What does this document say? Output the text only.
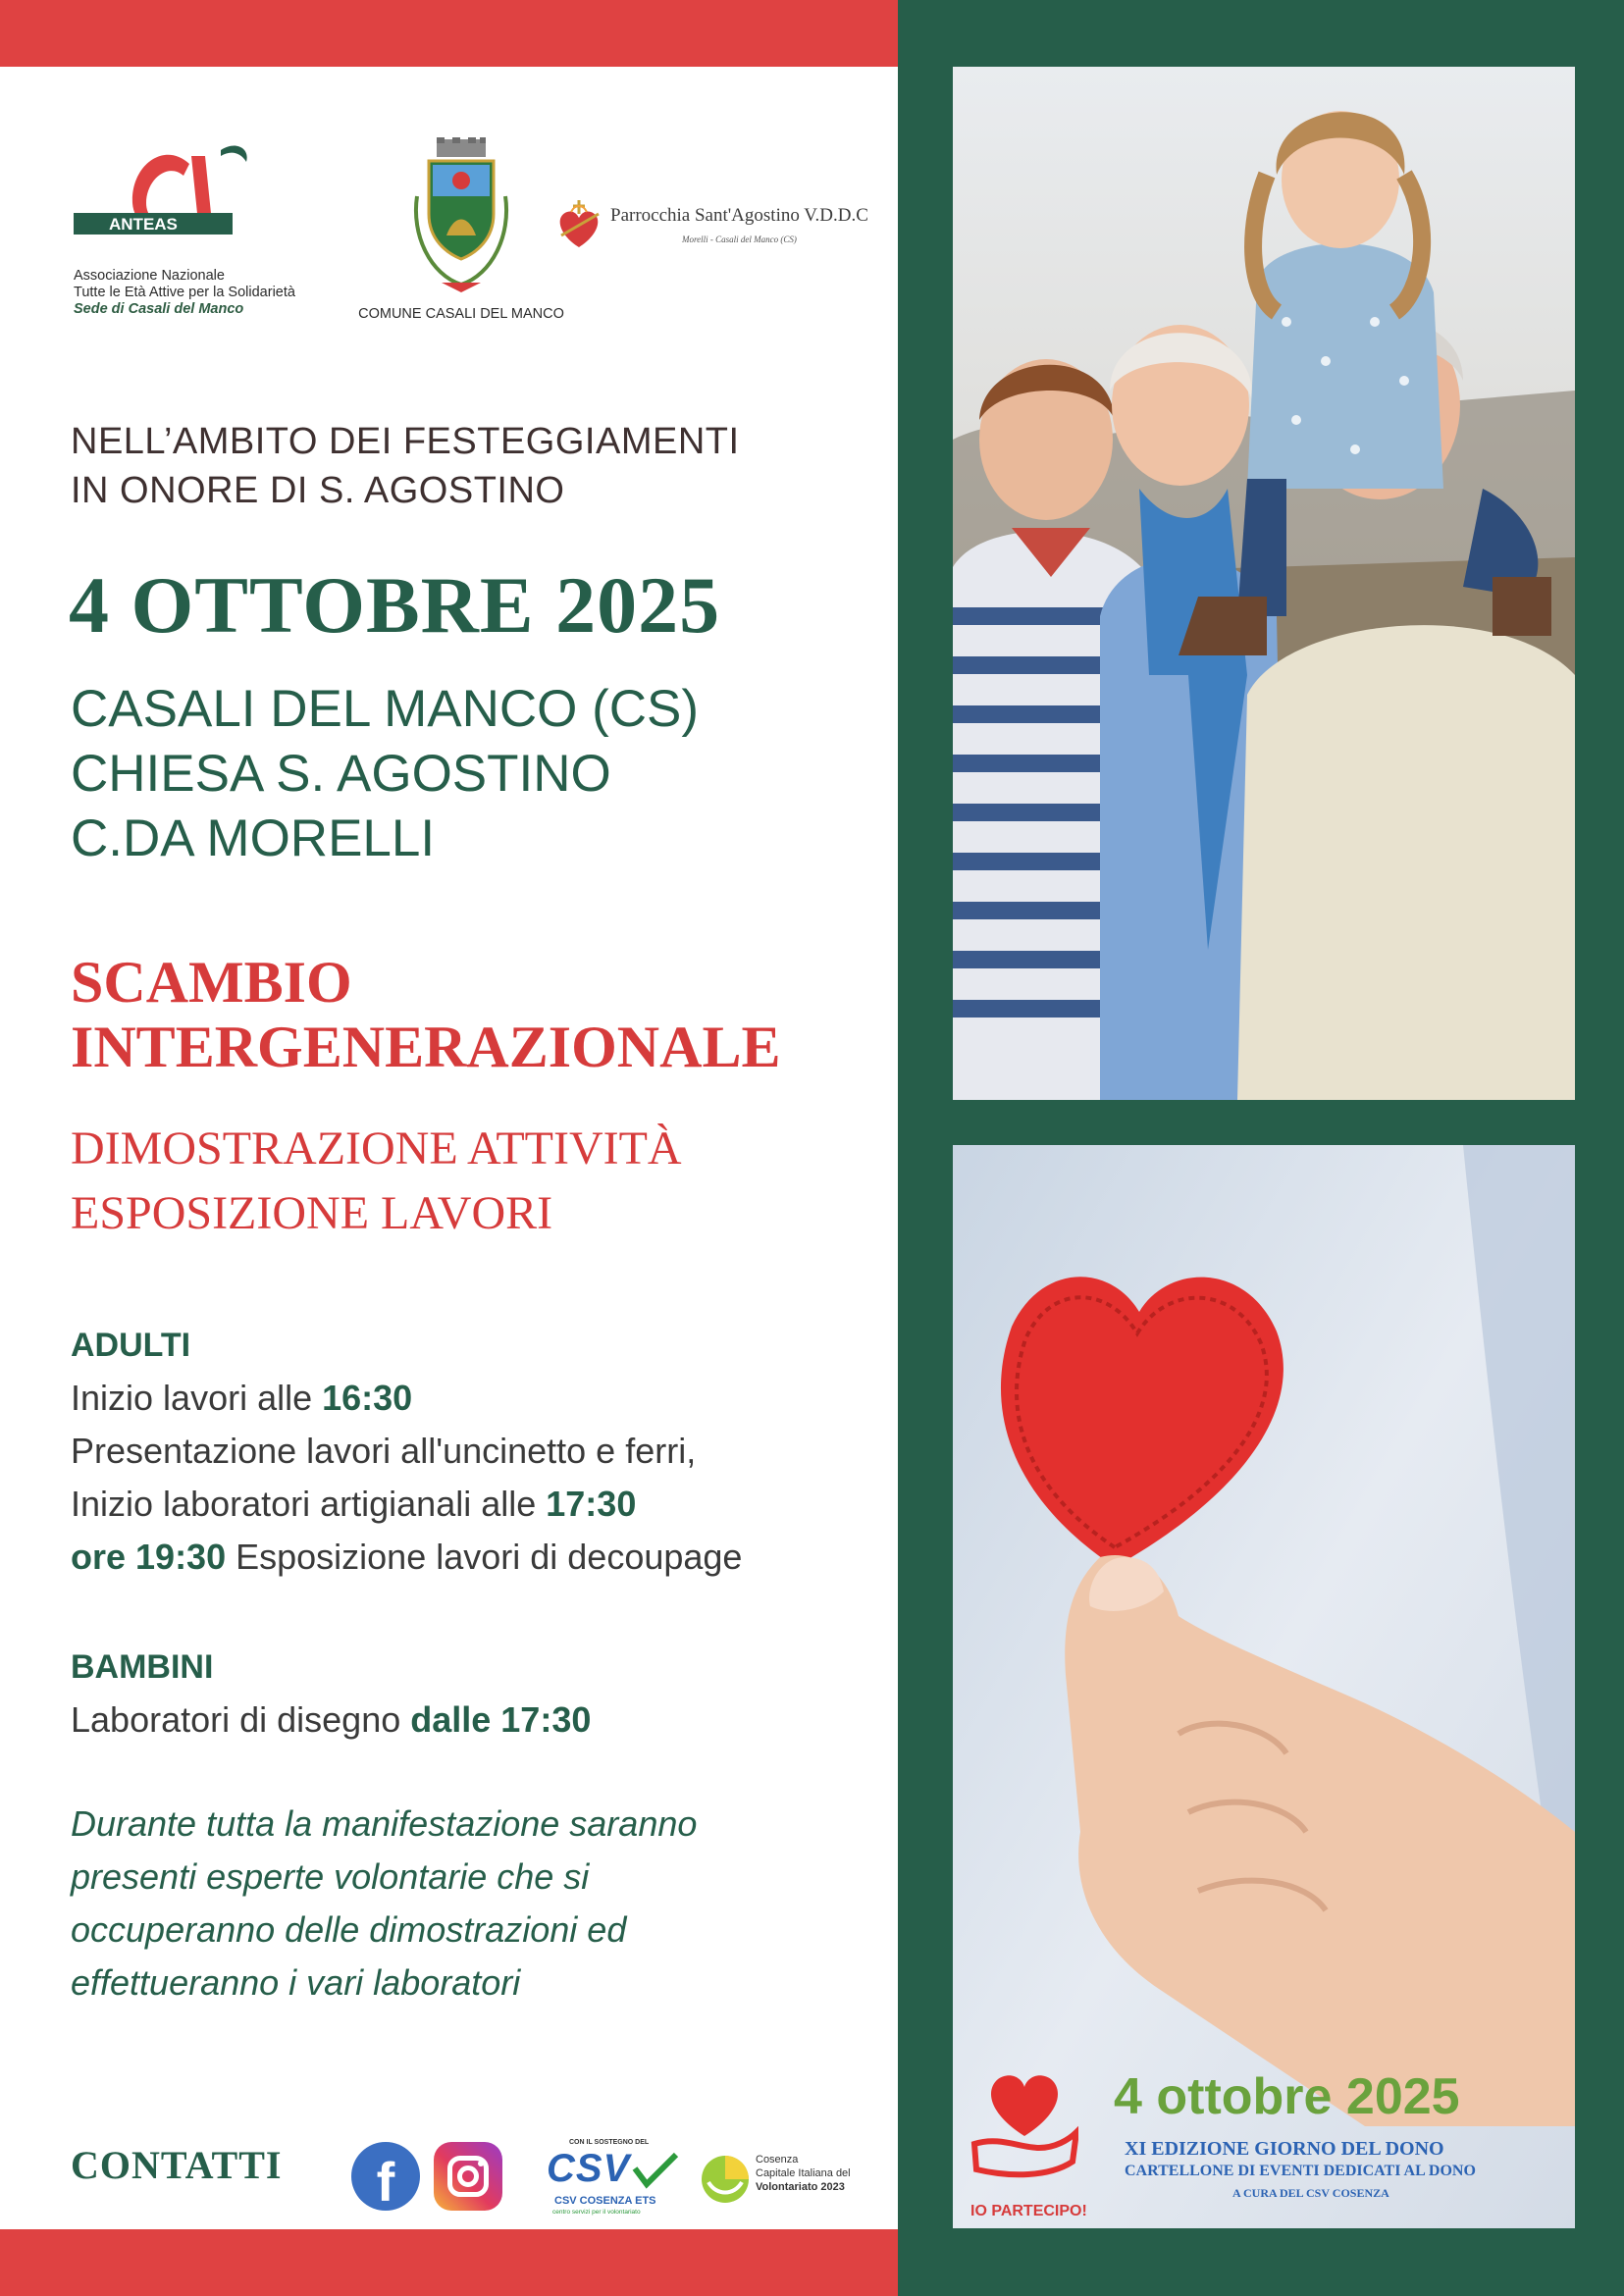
ANTEAS
Associazione Nazionale
Tutte le Età Attive per la Solidarietà
Sede di Casali del Manco	COMUNE CASALI DEL MANCO
Parrocchia Sant'Agostino V.D.D.C
Morelli - Casali del Manco (CS)
NELL’AMBITO DEI FESTEGGIAMENTI
IN ONORE DI S. AGOSTINO
4 OTTOBRE 2025
CASALI DEL MANCO (CS)
CHIESA S. AGOSTINO
C.DA MORELLI
SCAMBIO
INTERGENERAZIONALE
DIMOSTRAZIONE ATTIVITÀ
ESPOSIZIONE LAVORI
ADULTI
Inizio lavori alle 16:30
Presentazione lavori all'uncinetto e ferri,
Inizio laboratori artigianali alle 17:30
ore 19:30 Esposizione lavori di decoupage
BAMBINI
Laboratori di disegno dalle 17:30
Durante tutta la manifestazione saranno
presenti esperte volontarie che si
occuperanno delle dimostrazioni ed
effettueranno i vari laboratori
CONTATTI	f
CON IL SOSTEGNO DEL
CSV
CSV COSENZA ETS
centro servizi per il volontariato
Cosenza
Capitale Italiana del
Volontariato 2023
IO PARTECIPO!
4 ottobre 2025
XI EDIZIONE GIORNO DEL DONO
CARTELLONE DI EVENTI DEDICATI AL DONO
A CURA DEL CSV COSENZA
